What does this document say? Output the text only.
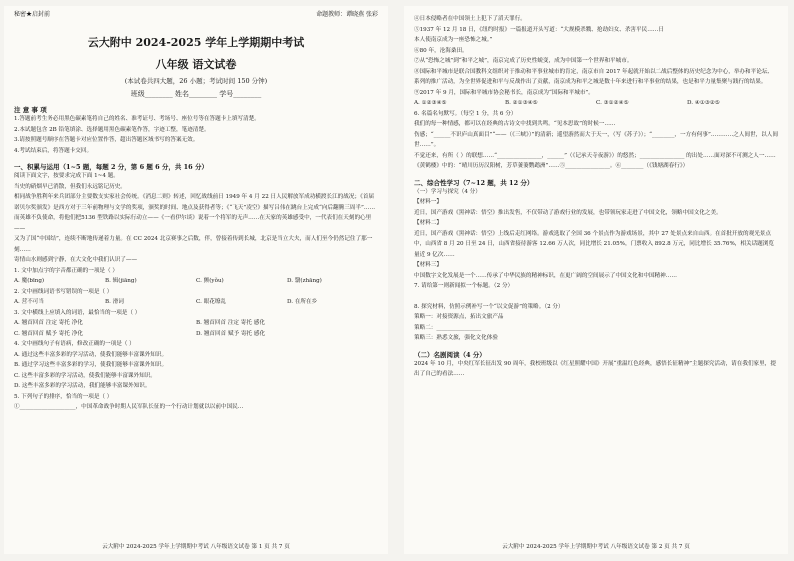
秘密★启封前	命题教师：谭晓燕 张彩
云大附中 2024-2025 学年上学期期中考试
八年级 语文试卷
(本试卷共四大题，26 小题；考试时间 150 分钟)
班级________ 姓名________ 学号________
注 意 事 项
1.答题前考生务必用黑色碳素笔将自己的姓名、准考证号、考场号、座位号等在答题卡上填写清楚。
2.本试题包含 2B 铅笔填涂、选择题用黑色碳素笔作答，字迹工整，笔迹清楚。
3.请按照题号顺序在答题卡对应位置作答，超出答题区域书写的答案无效。
4.考试结束后，将答题卡交回。
一、积累与运用（1~5 题，每题 2 分，第 6 题 6 分，共 16 分）
阅读下面文字，按要求完成下面 1~4 题。
当史的硝烟早已消散，但我们永远铭记历史。
相同战争胜利年来兵团部分主要数支实家社会传统。《消息二则》转述，回忆战线前日 1949 年 4 月 22 日人民解放军成功横渡长江的战况；《首届诺贝尔奖颁发》是西方对于三年前物理与文学的奖项，颁奖的时间、地点及获得者等；《“飞天”凌空》描写吕伟在跳台上完成“向后翻腾三周半”……
而英雄不负使命，将他们把5136 型铁路以实际行动立——《一看伊尔谈》说着一个将军的无声……在天家的英雄感受中，一代表们在天刻的心里——
又为了国“中国结”，连续不断地传递着力量。在 CC 2024 北京赛事之后数，伴，曾接着传到长城，北京是当立大夫，而人们至今仍然记住了那一刻……
寄情山水则感到宁静，在大文化中我们认识了——
1. 文中加点字的字音都正确的一项是（ ）
A. 魔(bīng)	B. 辑(jiāng)	C. 颤(yǒu)	D. 翳(zhāng)
2. 文中画线词语书写错误的一项是（ ）
A. 营不可当	B. 滑词	C. 眼花缭乱	D. 在所在乡
3. 文中横线上应填入的词语，最恰当的一项是（ ）
A. 翘首回首 注定 寄托 净化	B. 翘首回首 注定 寄托 感化
C. 翘首回首 赋予 寄托 净化	D. 翘首回首 赋予 寄托 感化
4. 文中画线句子有语病，修改正确的一项是（ ）
A. 通过这些丰富多彩的学习活动，使我们能够丰富课外知识。
B. 通过学习这些丰富多彩的学习，使我们能够丰富课外知识。
C. 这些丰富多彩的学习活动，使我们能够丰富课外知识。
D. 这些丰富多彩的学习活动，我们能够丰富课外知识。
5. 下列句子的排序，恰当的一项是（ ）
①____________________，中国革命战争时期人民军队长征的一个行动计划就以以前中国民…
云大附中 2024-2025 学年上学期期中考试 八年级语文试卷 第 1 页 共 7 页
④日本侵略者在中国领土上犯下了滔天罪行。
⑤1937 年 12 月 18 日，《纽约时报》一篇报道开头写道：“大规模杀戮、抢劫妇女、杀害平民……日
本人使南京成为一座恐怖之城。”
⑥80 年，沧海桑田。
⑦从“恐怖之城”到“和平之城”，南京完成了历史性蜕变，成为中国第一个世界和平城市。
⑧国际和平城市是联合国教科文组织对于推动和平事业城市的肯定，南京市自 2017 年起就开始以二战后整体的历史纪念为中心，举办和平论坛、系列的推广活动，为全世界促进和平与反战作出了贡献，南京成为和平之城是数十年来进行和平事业的结果，也是和平力量集聚与践行的结果。
⑨2017 年 9 月，国际和平城市协会秘书长，南京成为“国际和平城市”。
A. ①②③④⑤	B. ②①③④⑤	C. ③①②④⑤	D. ④①③②⑤
6. 名篇名句默写。（每空 1 分，共 6 分）
我们的每一种情感，都可以在经典的古诗文中找到共鸣。“见本思故”的时候一……
伤感；“______不识庐山真面目”“——（《三峡》）”的清新；遥望游然而大于天一，（写《苏子》）；“________，一方有何事”…………之人间世，以人间世……”。
不觉还来，有所（ ）的联想……“________________，______”（《记承天寺夜游》）的悠然；________________ 的出处……面对深不可测之人一……
《黄鹤楼》中的：“晴川历历汉阳树，芳草萋萋鹦鹉洲”……⑤________________。⑥________（《钱塘湖春行》）
二、综合性学习（7~12 题，共 12 分）
（一）学习与探究（4 分）
【材料一】
近日，国产游戏《黑神话：悟空》推出发售，不仅带动了游戏行业的发展，也带领玩家走进了中国文化，领略中国文化之美。
【材料二】
近日，国产游戏《黑神话：悟空》上线后走红网络。游戏选取了全国 36 个景点作为游戏场景，其中 27 处景点来自山西。在首批开放的观光景点中，山西省 8 月 20 日至 24 日，山西省接待游客 12.66 万人次，同比增长 21.05%，门票收入 892.8 万元，同比增长 35.76%，相关话题浏览量近 9 亿次……
【材料三】
中国数字文化发展是一个……传承了中华民族的精神标识，在更广阔的空间展示了中国文化和中国精神……
7. 请给第一则新闻拟一个标题。（2 分）
8. 探究材料，仿照示例补写一个“以文促游”的策略。（2 分）
策略一：对接资源点，拓出文旅产品
策略二：________________
策略三：熟悉文旅，强化文化体验
（二）名剧阅读（4 分）
2024 年 10 月，中央红军长征出发 90 周年，我校班级以《红星照耀中国》开展“重温红色经典，感悟长征精神”主题探究活动，请在我们家里，提出了自己的看法……
云大附中 2024-2025 学年上学期期中考试 八年级语文试卷 第 2 页 共 7 页
